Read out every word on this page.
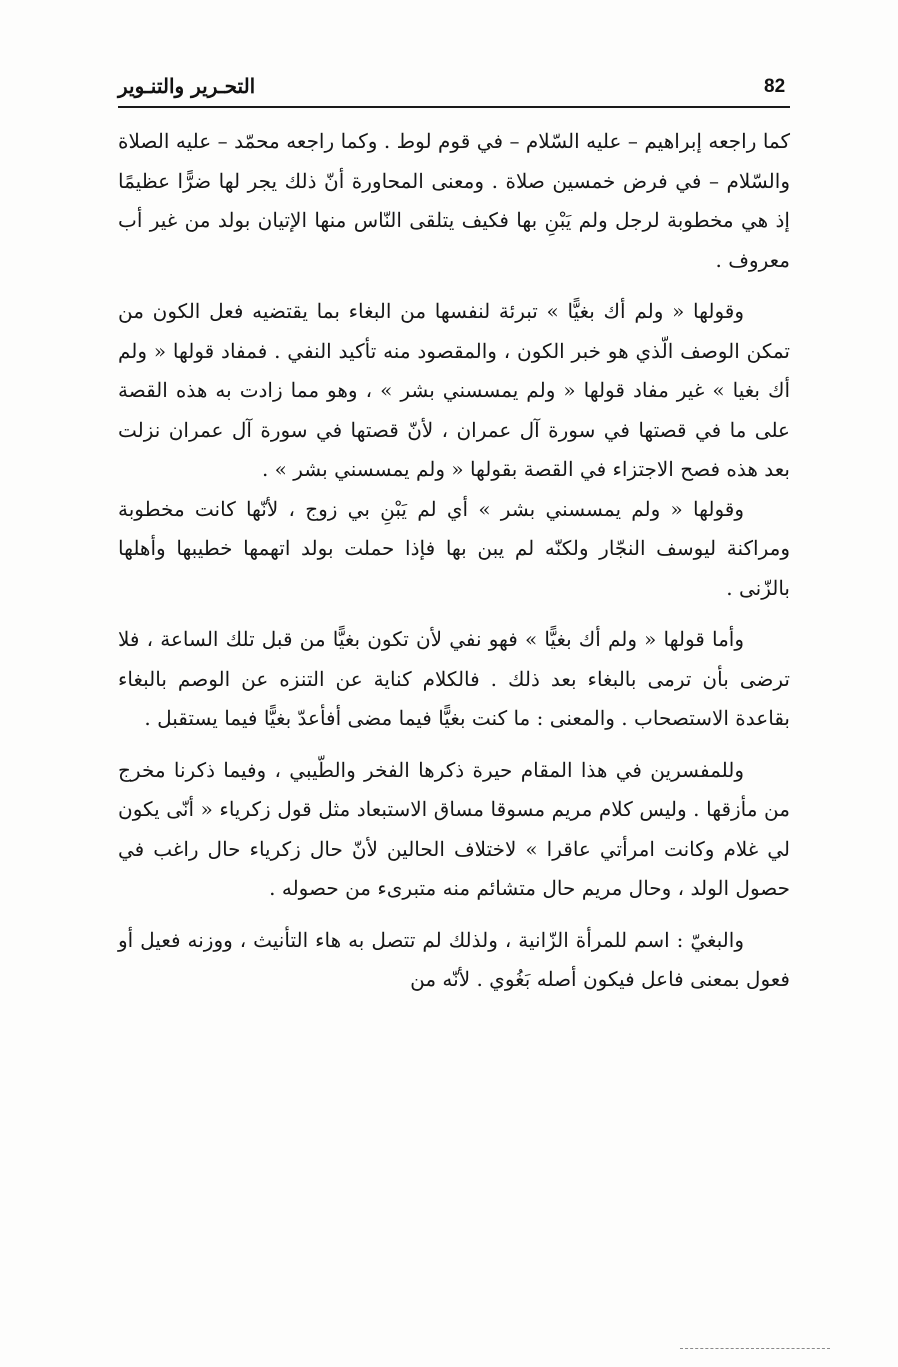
82
التحـرير والتنـوير

كما راجعه إبراهيم – عليه السّلام – في قوم لوط . وكما راجعه محمّد – عليه الصلاة والسّلام – في فرض خمسين صلاة . ومعنى المحاورة أنّ ذلك يجر لها ضرًّا عظيمًا إذ هي مخطوبة لرجل ولم يَبْنِ بها فكيف يتلقى النّاس منها الإتيان بولد من غير أب معروف .

وقولها « ولم أك بغيًّا » تبرئة لنفسها من البغاء بما يقتضيه فعل الكون من تمكن الوصف الّذي هو خبر الكون ، والمقصود منه تأكيد النفي . فمفاد قولها « ولم أك بغيا » غير مفاد قولها « ولم يمسسني بشر » ، وهو مما زادت به هذه القصة على ما في قصتها في سورة آل عمران ، لأنّ قصتها في سورة آل عمران نزلت بعد هذه فصح الاجتزاء في القصة بقولها « ولم يمسسني بشر » .

وقولها « ولم يمسسني بشر » أي لم يَبْنِ بي زوج ، لأنّها كانت مخطوبة ومراكنة ليوسف النجّار ولكنّه لم يبن بها فإذا حملت بولد اتهمها خطيبها وأهلها بالزّنى .

وأما قولها « ولم أك بغيًّا » فهو نفي لأن تكون بغيًّا من قبل تلك الساعة ، فلا ترضى بأن ترمى بالبغاء بعد ذلك . فالكلام كناية عن التنزه عن الوصم بالبغاء بقاعدة الاستصحاب . والمعنى : ما كنت بغيًّا فيما مضى أفأعدّ بغيًّا فيما يستقبل .

وللمفسرين في هذا المقام حيرة ذكرها الفخر والطّيبي ، وفيما ذكرنا مخرج من مأزقها . وليس كلام مريم مسوقا مساق الاستبعاد مثل قول زكرياء « أنّى يكون لي غلام وكانت امرأتي عاقرا » لاختلاف الحالين لأنّ حال زكرياء حال راغب في حصول الولد ، وحال مريم حال متشائم منه متبرىء من حصوله .

والبغيّ : اسم للمرأة الزّانية ، ولذلك لم تتصل به هاء التأنيث ، ووزنه فعيل أو فعول بمعنى فاعل فيكون أصله بَغُوي . لأنّه من
